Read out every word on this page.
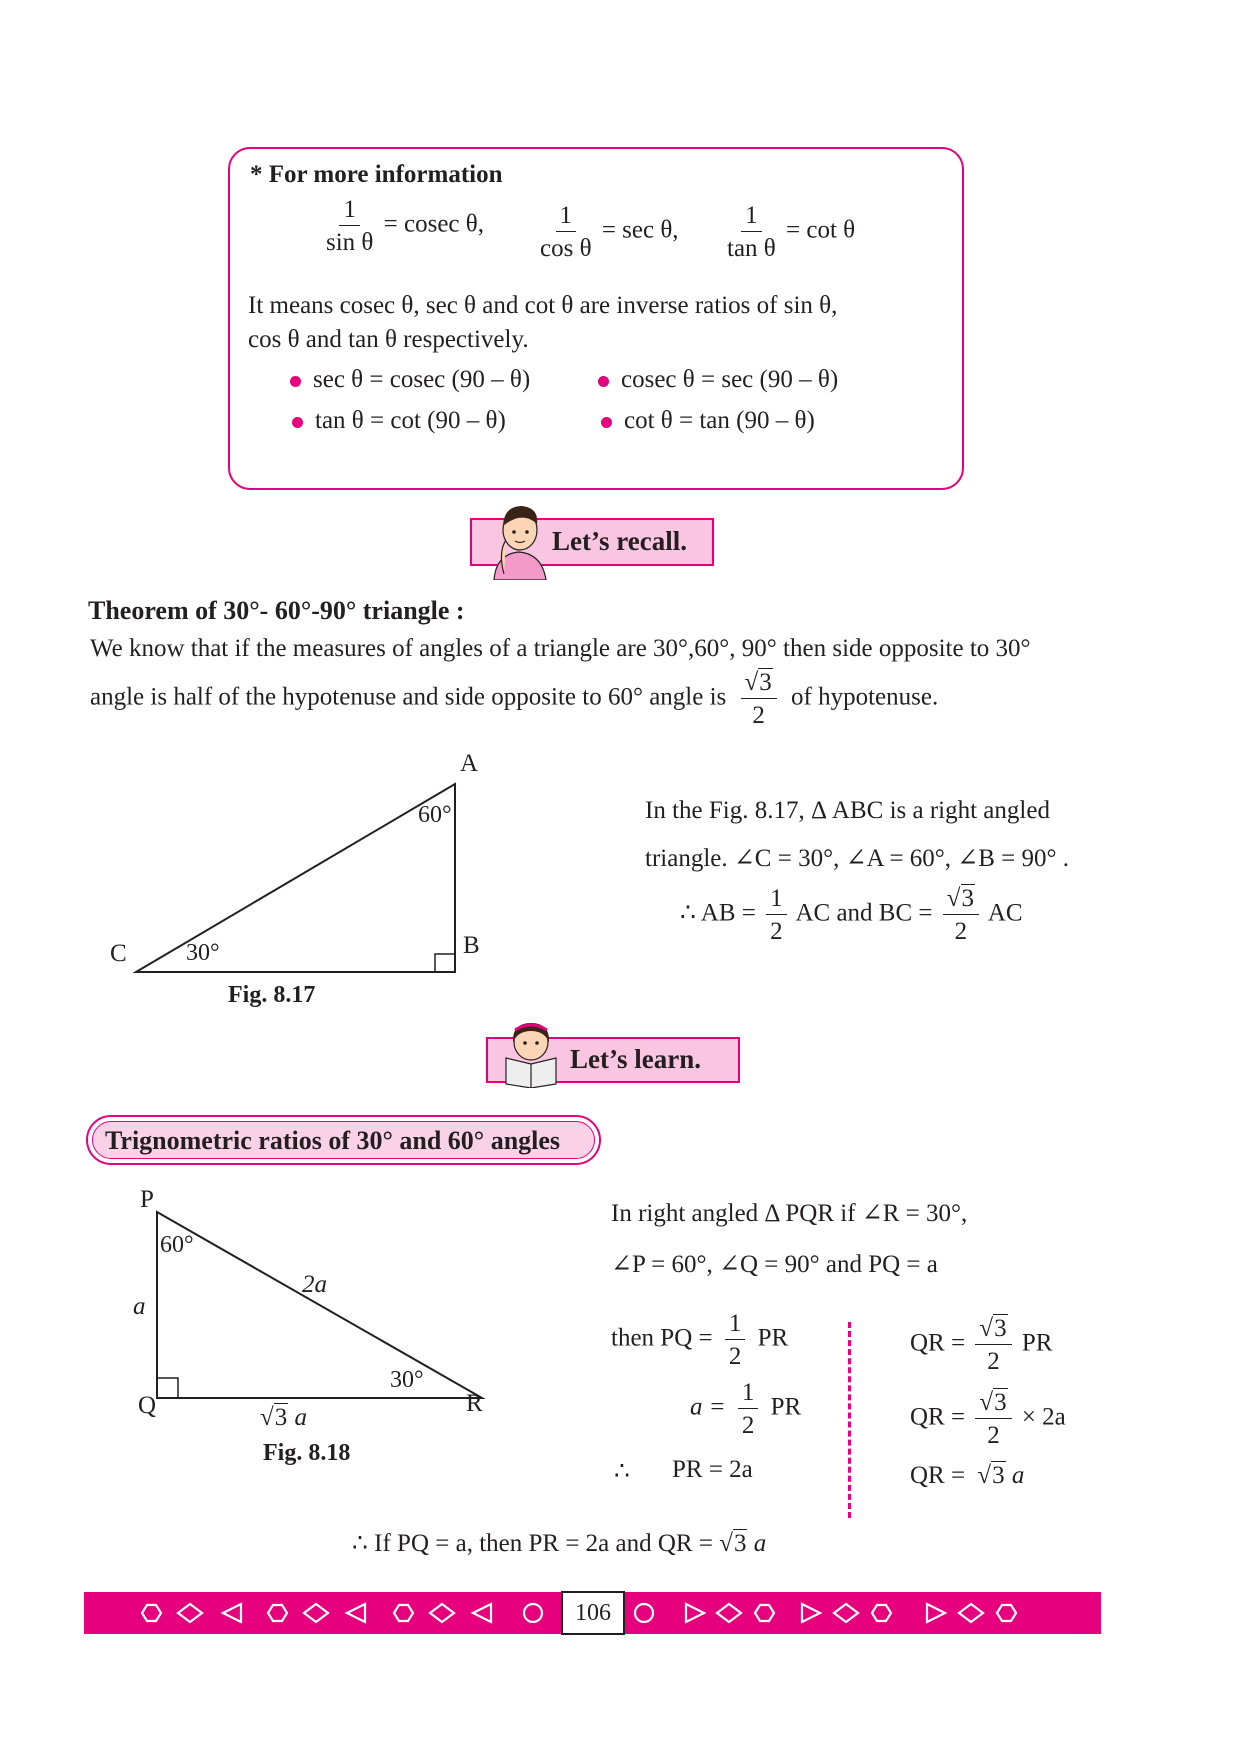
* For more information
$\frac{1}{\text{sin θ}} = cosec$ θ, $\frac{1}{\text{cos θ}} = \sec \theta$, $\frac{1}{\text{tan θ}} = \cot \theta$
It means cosec θ, sec θ and cot θ are inverse ratios of sin θ,
cos θ and tan θ respectively.
sec θ = cosec (90 – θ)	cosec θ = sec (90 – θ)
tan θ = cot (90 – θ)	cot θ = tan (90 – θ)
Let’s recall.
Theorem of 30°- 60°-90° triangle :
We know that if the measures of angles of a triangle are 30°,60°, 90° then side opposite to 30°
angle is half of the hypotenuse and side opposite to 60° angle is $\frac{√3}{2}$ of hypotenuse.
A
B
C
60°
30°
Fig. 8.17
In the Fig. 8.17, Δ ABC is a right angled
triangle. ∠C = 30°, ∠A = 60°, ∠B = 90° .
∴ AB = $\frac{1}{2}$ AC and BC = $\frac{√3}{2}$ AC
Let’s learn.
Trignometric ratios of 30° and 60° angles
P
Q	R
60°
30°
a
2a
√3 a
Fig. 8.18
In right angled Δ PQR if ∠R = 30°,
∠P = 60°, ∠Q = 90° and PQ = a
then PQ = $\frac{1}{2}$ PR
$a = \frac{1}{2}$ PR
∴ PR = 2a
QR = $\frac{√3}{2}$ PR
QR = $\frac{√3}{2} \times 2a$
QR = √3 a
∴ If PQ = a, then PR = 2a and QR = √3 a
106
